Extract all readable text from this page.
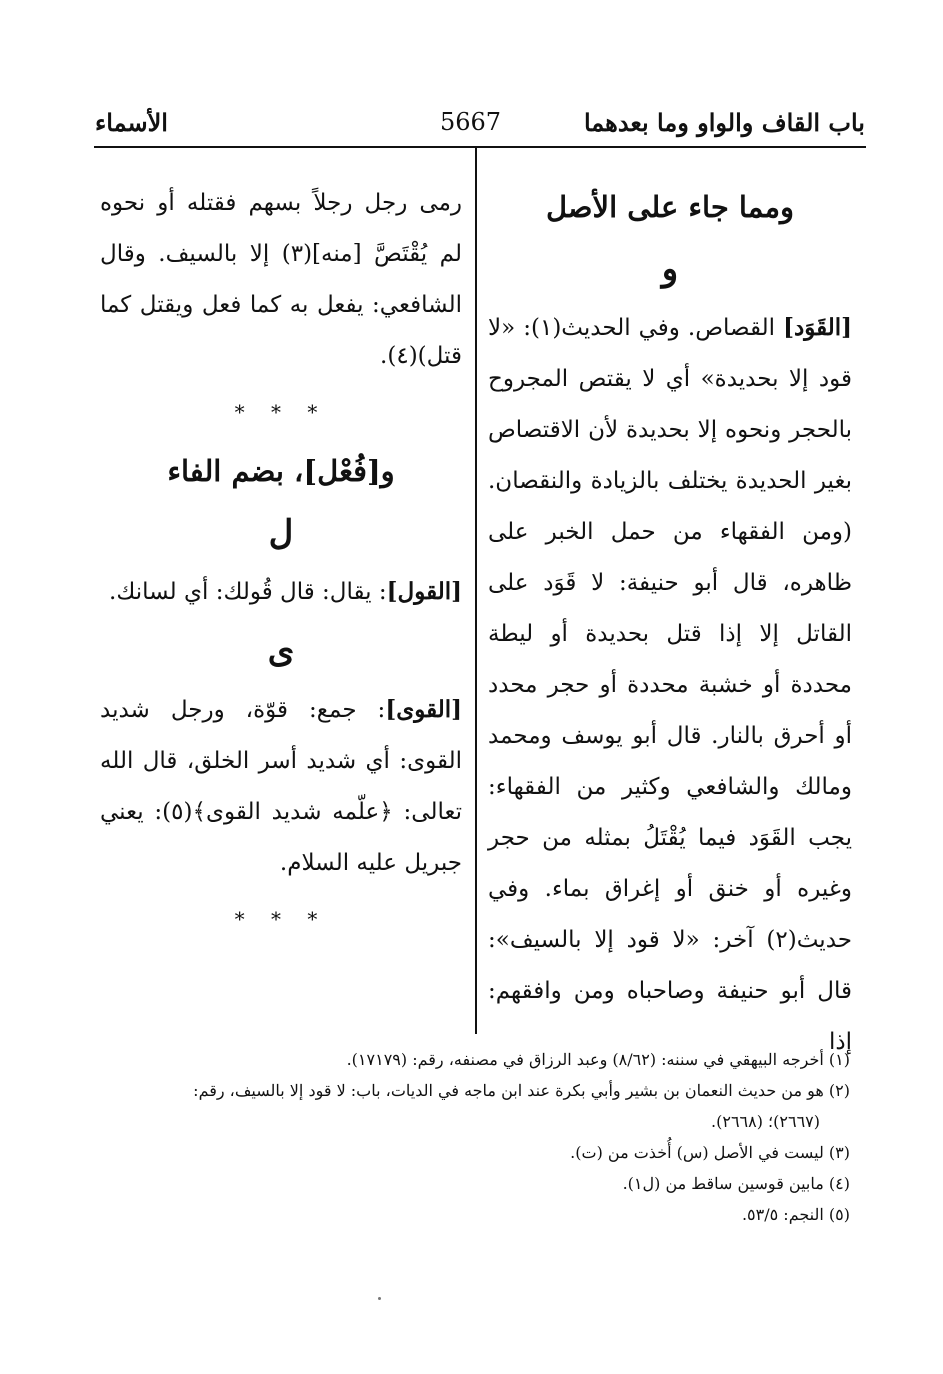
باب القاف والواو وما بعدهما
5667
الأسماء

ومما جاء على الأصل

و

[القَوَد] القصاص. وفي الحديث(١): «لا قود إلا بحديدة» أي لا يقتص المجروح بالحجر ونحوه إلا بحديدة لأن الاقتصاص بغير الحديدة يختلف بالزيادة والنقصان. (ومن الفقهاء من حمل الخبر على ظاهره، قال أبو حنيفة: لا قَوَد على القاتل إلا إذا قتل بحديدة أو ليطة محددة أو خشبة محددة أو حجر محدد أو أحرق بالنار. قال أبو يوسف ومحمد ومالك والشافعي وكثير من الفقهاء: يجب القَوَد فيما يُقْتَلُ بمثله من حجر وغيره أو خنق أو إغراق بماء. وفي حديث(٢) آخر: «لا قود إلا بالسيف»: قال أبو حنيفة وصاحباه ومن وافقهم: إذا

رمى رجل رجلاً بسهم فقتله أو نحوه لم يُقْتَصَّ [منه](٣) إلا بالسيف. وقال الشافعي: يفعل به كما فعل ويقتل كما قتل)(٤).

* * *

و[فُعْل]، بضم الفاء

ل

[القول]: يقال: قال قُولك: أي لسانك.

ى

[القوى]: جمع: قوّة، ورجل شديد القوى: أي شديد أسر الخلق، قال الله تعالى: ﴿علّمه شديد القوى﴾(٥): يعني جبريل عليه السلام.

* * *

(١) أخرجه البيهقي في سننه: (٨/٦٢) وعبد الرزاق في مصنفه، رقم: (١٧١٧٩).

(٢) هو من حديث النعمان بن بشير وأبي بكرة عند ابن ماجه في الديات، باب: لا قود إلا بالسيف، رقم:

(٢٦٦٧)؛ (٢٦٦٨).

(٣) ليست في الأصل (س) أُخذت من (ت).

(٤) مابين قوسين ساقط من (ل١).

(٥) النجم: ٥٣/٥.
